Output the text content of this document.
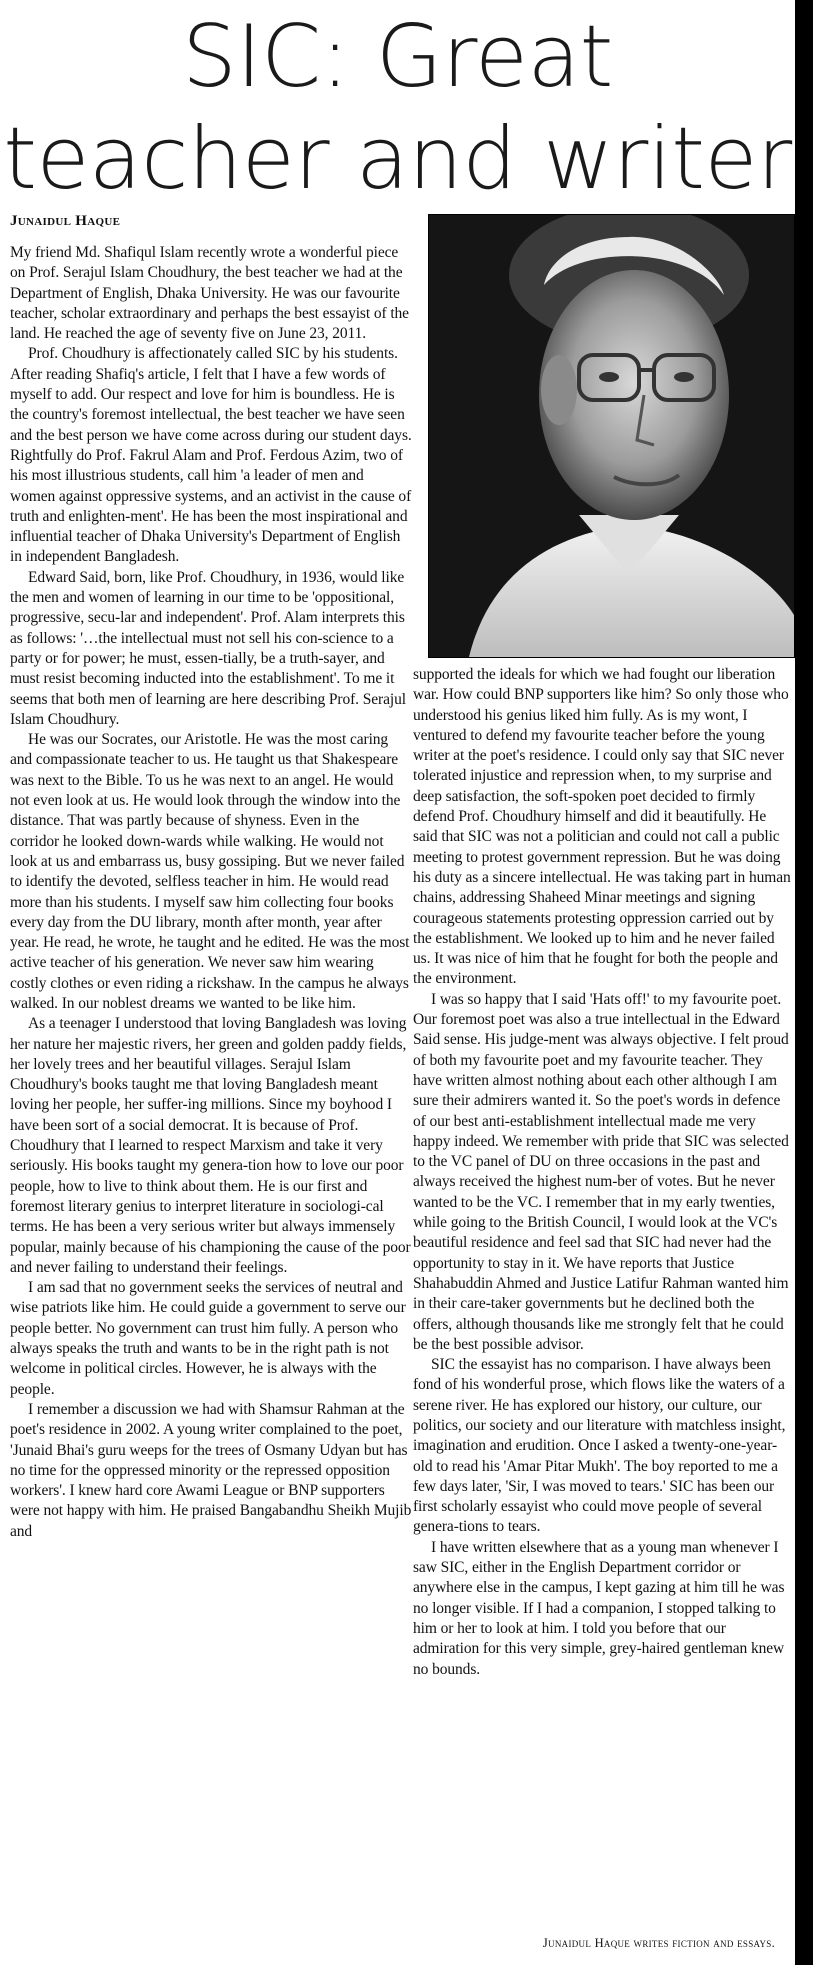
SIC: Great
teacher and writer
Junaidul Haque

My friend Md. Shafiqul Islam recently wrote a wonderful piece on Prof. Serajul Islam Choudhury, the best teacher we had at the Department of English, Dhaka University. He was our favourite teacher, scholar extraordinary and perhaps the best essayist of the land. He reached the age of seventy five on June 23, 2011.

Prof. Choudhury is affectionately called SIC by his students. After reading Shafiq's article, I felt that I have a few words of myself to add. Our respect and love for him is boundless. He is the country's foremost intellectual, the best teacher we have seen and the best person we have come across during our student days. Rightfully do Prof. Fakrul Alam and Prof. Ferdous Azim, two of his most illustrious students, call him 'a leader of men and women against oppressive systems, and an activist in the cause of truth and enlighten-ment'. He has been the most inspirational and influential teacher of Dhaka University's Department of English in independent Bangladesh.

Edward Said, born, like Prof. Choudhury, in 1936, would like the men and women of learning in our time to be 'oppositional, progressive, secu-lar and independent'. Prof. Alam interprets this as follows: '…the intellectual must not sell his con-science to a party or for power; he must, essen-tially, be a truth-sayer, and must resist becoming inducted into the establishment'. To me it seems that both men of learning are here describing Prof. Serajul Islam Choudhury.

He was our Socrates, our Aristotle. He was the most caring and compassionate teacher to us. He taught us that Shakespeare was next to the Bible. To us he was next to an angel. He would not even look at us. He would look through the window into the distance. That was partly because of shyness. Even in the corridor he looked down-wards while walking. He would not look at us and embarrass us, busy gossiping. But we never failed to identify the devoted, selfless teacher in him. He would read more than his students. I myself saw him collecting four books every day from the DU library, month after month, year after year. He read, he wrote, he taught and he edited. He was the most active teacher of his generation. We never saw him wearing costly clothes or even riding a rickshaw. In the campus he always walked. In our noblest dreams we wanted to be like him.

As a teenager I understood that loving Bangladesh was loving her nature her majestic rivers, her green and golden paddy fields, her lovely trees and her beautiful villages. Serajul Islam Choudhury's books taught me that loving Bangladesh meant loving her people, her suffer-ing millions. Since my boyhood I have been sort of a social democrat. It is because of Prof. Choudhury that I learned to respect Marxism and take it very seriously. His books taught my genera-tion how to love our poor people, how to live to think about them. He is our first and foremost literary genius to interpret literature in sociologi-cal terms. He has been a very serious writer but always immensely popular, mainly because of his championing the cause of the poor and never failing to understand their feelings.

I am sad that no government seeks the services of neutral and wise patriots like him. He could guide a government to serve our people better. No government can trust him fully. A person who always speaks the truth and wants to be in the right path is not welcome in political circles. However, he is always with the people.

I remember a discussion we had with Shamsur Rahman at the poet's residence in 2002. A young writer complained to the poet, 'Junaid Bhai's guru weeps for the trees of Osmany Udyan but has no time for the oppressed minority or the repressed opposition workers'. I knew hard core Awami League or BNP supporters were not happy with him. He praised Bangabandhu Sheikh Mujib and

supported the ideals for which we had fought our liberation war. How could BNP supporters like him? So only those who understood his genius liked him fully. As is my wont, I ventured to defend my favourite teacher before the young writer at the poet's residence. I could only say that SIC never tolerated injustice and repression when, to my surprise and deep satisfaction, the soft-spoken poet decided to firmly defend Prof. Choudhury himself and did it beautifully. He said that SIC was not a politician and could not call a public meeting to protest government repression. But he was doing his duty as a sincere intellectual. He was taking part in human chains, addressing Shaheed Minar meetings and signing courageous statements protesting oppression carried out by the establishment. We looked up to him and he never failed us. It was nice of him that he fought for both the people and the environment.

I was so happy that I said 'Hats off!' to my favourite poet. Our foremost poet was also a true intellectual in the Edward Said sense. His judge-ment was always objective. I felt proud of both my favourite poet and my favourite teacher. They have written almost nothing about each other although I am sure their admirers wanted it. So the poet's words in defence of our best anti-establishment intellectual made me very happy indeed. We remember with pride that SIC was selected to the VC panel of DU on three occasions in the past and always received the highest num-ber of votes. But he never wanted to be the VC. I remember that in my early twenties, while going to the British Council, I would look at the VC's beautiful residence and feel sad that SIC had never had the opportunity to stay in it. We have reports that Justice Shahabuddin Ahmed and Justice Latifur Rahman wanted him in their care-taker governments but he declined both the offers, although thousands like me strongly felt that he could be the best possible advisor.

SIC the essayist has no comparison. I have always been fond of his wonderful prose, which flows like the waters of a serene river. He has explored our history, our culture, our politics, our society and our literature with matchless insight, imagination and erudition. Once I asked a twenty-one-year-old to read his 'Amar Pitar Mukh'. The boy reported to me a few days later, 'Sir, I was moved to tears.' SIC has been our first scholarly essayist who could move people of several genera-tions to tears.

I have written elsewhere that as a young man whenever I saw SIC, either in the English Department corridor or anywhere else in the campus, I kept gazing at him till he was no longer visible. If I had a companion, I stopped talking to him or her to look at him. I told you before that our admiration for this very simple, grey-haired gentleman knew no bounds.

Junaidul Haque writes fiction and essays.
